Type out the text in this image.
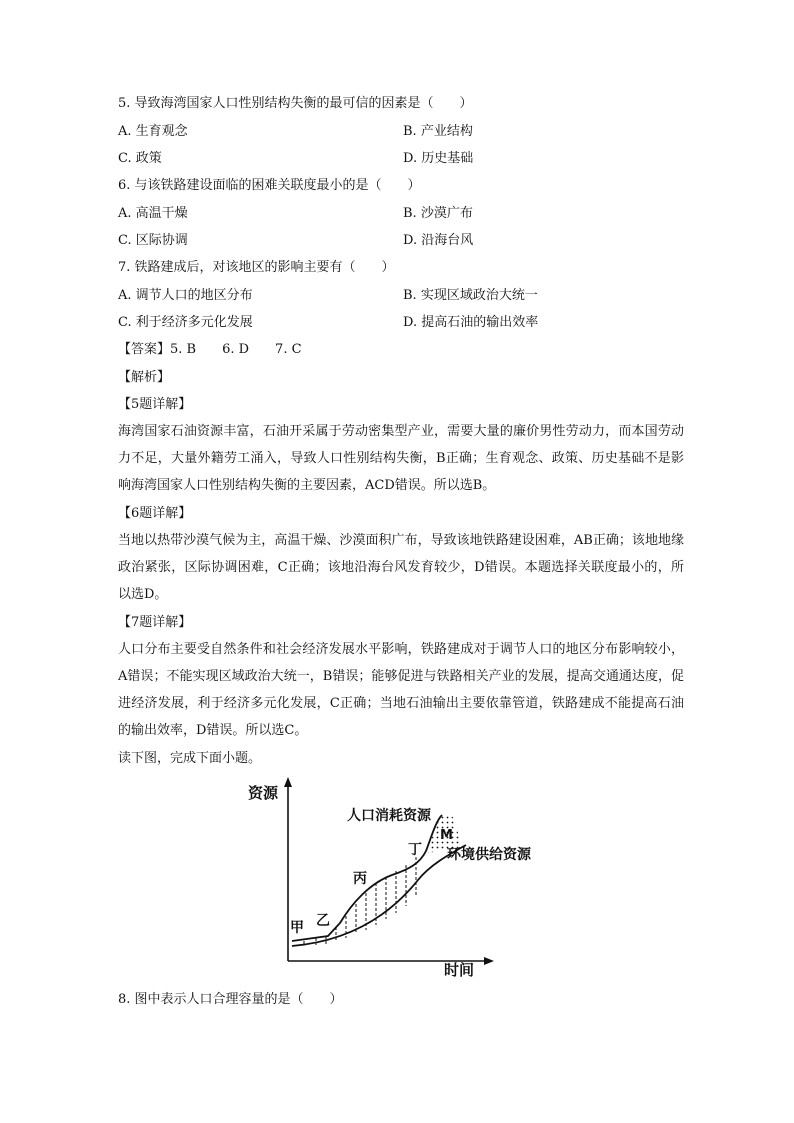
5. 导致海湾国家人口性别结构失衡的最可信的因素是（　　）
A. 生育观念	B. 产业结构
C. 政策	D. 历史基础
6. 与该铁路建设面临的困难关联度最小的是（　　）
A. 高温干燥	B. 沙漠广布
C. 区际协调	D. 沿海台风
7. 铁路建成后，对该地区的影响主要有（　　）
A. 调节人口的地区分布	B. 实现区域政治大统一
C. 利于经济多元化发展	D. 提高石油的输出效率
【答案】5. B　　6. D　　7. C
【解析】
【5题详解】
海湾国家石油资源丰富，石油开采属于劳动密集型产业，需要大量的廉价男性劳动力，而本国劳动力不足，大量外籍劳工涌入，导致人口性别结构失衡，B正确；生育观念、政策、历史基础不是影响海湾国家人口性别结构失衡的主要因素，ACD错误。所以选B。
【6题详解】
当地以热带沙漠气候为主，高温干燥、沙漠面积广布，导致该地铁路建设困难，AB正确；该地地缘政治紧张，区际协调困难，C正确；该地沿海台风发育较少，D错误。本题选择关联度最小的，所以选D。
【7题详解】
人口分布主要受自然条件和社会经济发展水平影响，铁路建成对于调节人口的地区分布影响较小，A错误；不能实现区域政治大统一，B错误；能够促进与铁路相关产业的发展，提高交通通达度，促进经济发展，利于经济多元化发展，C正确；当地石油输出主要依靠管道，铁路建成不能提高石油的输出效率，D错误。所以选C。
读下图，完成下面小题。
资源
时间
人口消耗资源
环境供给资源
M
甲 乙
丙
丁
8. 图中表示人口合理容量的是（　　）
